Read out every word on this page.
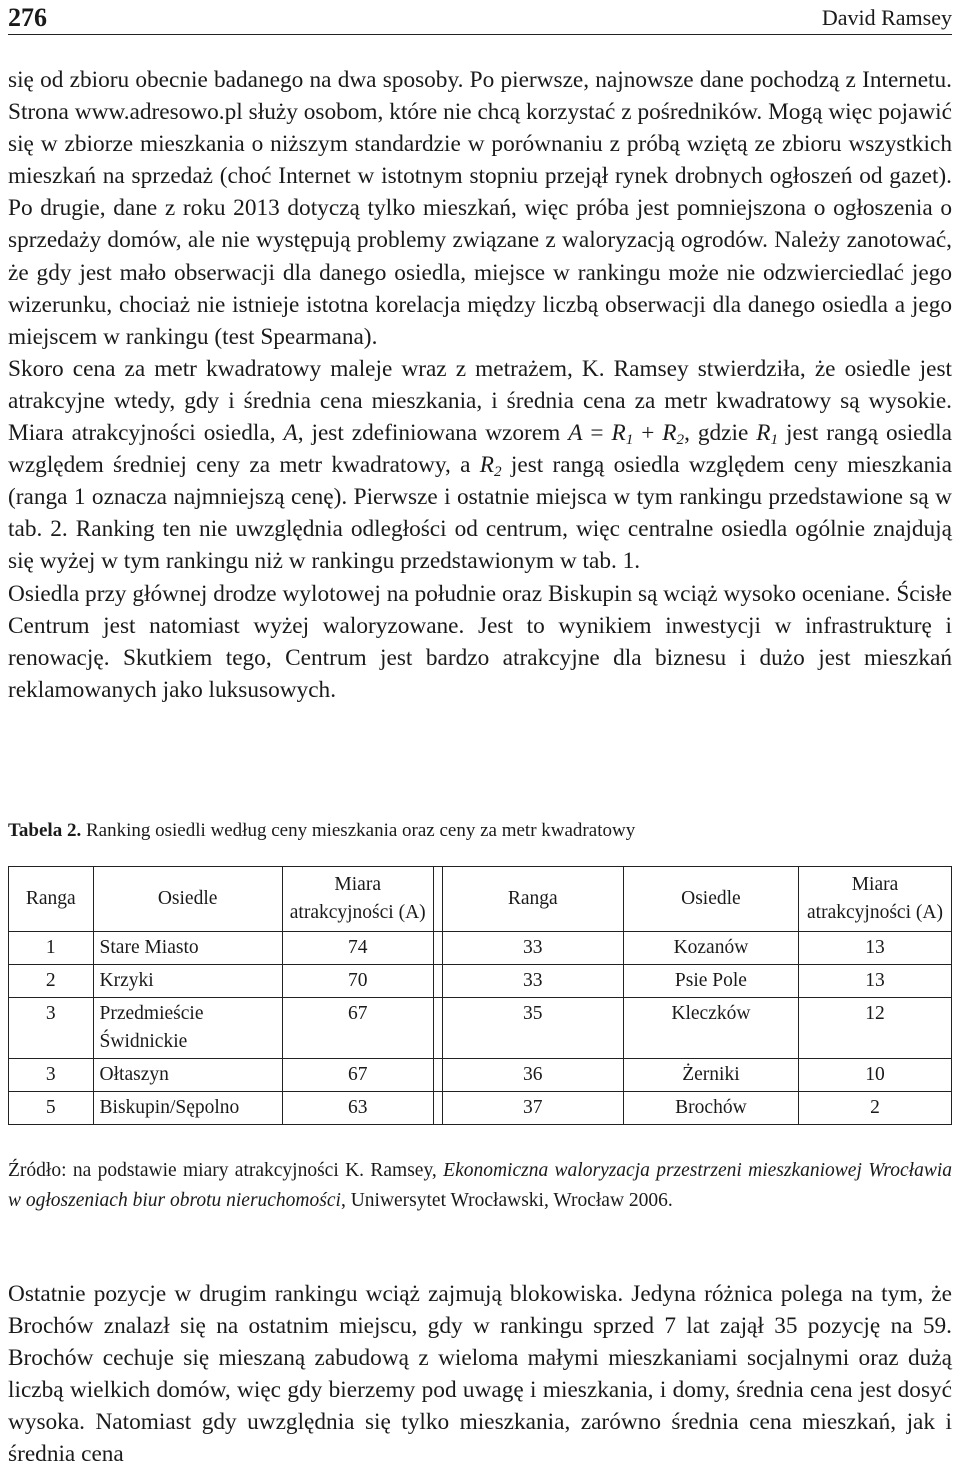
276	David Ramsey

się od zbioru obecnie badanego na dwa sposoby. Po pierwsze, najnowsze dane pochodzą z Internetu. Strona www.adresowo.pl służy osobom, które nie chcą korzystać z pośredników. Mogą więc pojawić się w zbiorze mieszkania o niższym standardzie w porównaniu z próbą wziętą ze zbioru wszystkich mieszkań na sprzedaż (choć Internet w istotnym stopniu przejął rynek drobnych ogłoszeń od gazet). Po drugie, dane z roku 2013 dotyczą tylko mieszkań, więc próba jest pomniejszona o ogłoszenia o sprzedaży domów, ale nie występują problemy związane z waloryzacją ogrodów. Należy zanotować, że gdy jest mało obserwacji dla danego osiedla, miejsce w rankingu może nie odzwierciedlać jego wizerunku, chociaż nie istnieje istotna korelacja między liczbą obserwacji dla danego osiedla a jego miejscem w rankingu (test Spearmana).

Skoro cena za metr kwadratowy maleje wraz z metrażem, K. Ramsey stwierdziła, że osiedle jest atrakcyjne wtedy, gdy i średnia cena mieszkania, i średnia cena za metr kwadratowy są wysokie. Miara atrakcyjności osiedla, A, jest zdefiniowana wzorem $A = R_1 + R_2$, gdzie $R_1$ jest rangą osiedla względem średniej ceny za metr kwadratowy, a $R_2$ jest rangą osiedla względem ceny mieszkania (ranga 1 oznacza najmniejszą cenę). Pierwsze i ostatnie miejsca w tym rankingu przedstawione są w tab. 2. Ranking ten nie uwzględnia odległości od centrum, więc centralne osiedla ogólnie znajdują się wyżej w tym rankingu niż w rankingu przedstawionym w tab. 1.

Osiedla przy głównej drodze wylotowej na południe oraz Biskupin są wciąż wysoko oceniane. Ścisłe Centrum jest natomiast wyżej waloryzowane. Jest to wynikiem inwestycji w infrastrukturę i renowację. Skutkiem tego, Centrum jest bardzo atrakcyjne dla biznesu i dużo jest mieszkań reklamowanych jako luksusowych.

Tabela 2. Ranking osiedli według ceny mieszkania oraz ceny za metr kwadratowy
Ranga	Osiedle	Miara atrakcyjności (A)		Ranga	Osiedle	Miara atrakcyjności (A)
1	Stare Miasto	74		33	Kozanów	13
2	Krzyki	70		33	Psie Pole	13
3	Przedmieście Świdnickie	67		35	Kleczków	12
3	Ołtaszyn	67		36	Żerniki	10
5	Biskupin/Sępolno	63		37	Brochów	2
Źródło: na podstawie miary atrakcyjności K. Ramsey, Ekonomiczna waloryzacja przestrzeni mieszkaniowej Wrocławia w ogłoszeniach biur obrotu nieruchomości, Uniwersytet Wrocławski, Wrocław 2006.

Ostatnie pozycje w drugim rankingu wciąż zajmują blokowiska. Jedyna różnica polega na tym, że Brochów znalazł się na ostatnim miejscu, gdy w rankingu sprzed 7 lat zajął 35 pozycję na 59. Brochów cechuje się mieszaną zabudową z wieloma małymi mieszkaniami socjalnymi oraz dużą liczbą wielkich domów, więc gdy bierzemy pod uwagę i mieszkania, i domy, średnia cena jest dosyć wysoka. Natomiast gdy uwzględnia się tylko mieszkania, zarówno średnia cena mieszkań, jak i średnia cena
